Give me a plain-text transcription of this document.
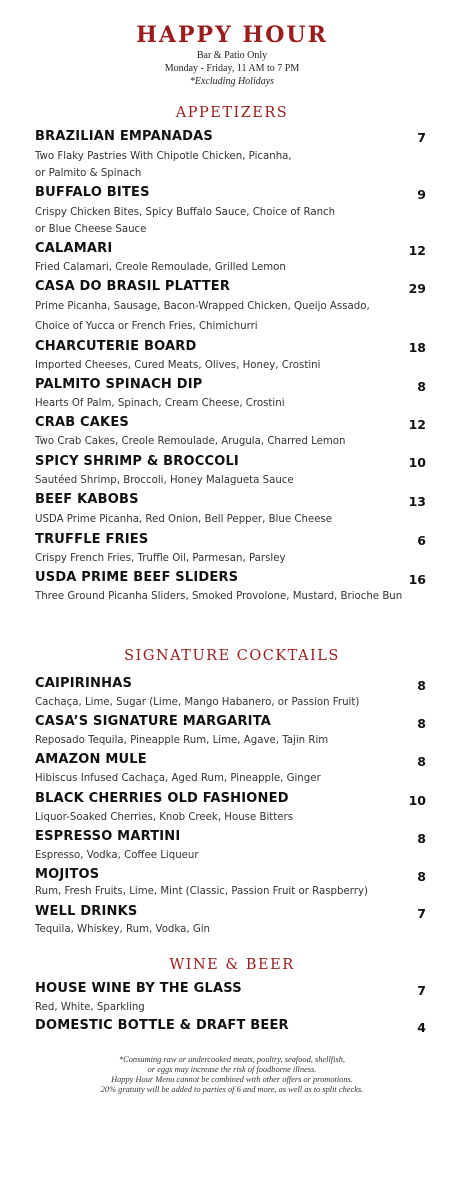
HAPPY HOUR
Bar & Patio Only
Monday - Friday, 11 AM to 7 PM
*Excluding Holidays
APPETIZERS
BRAZILIAN EMPANADAS	7
Two Flaky Pastries With Chipotle Chicken, Picanha,
or Palmito & Spinach
BUFFALO BITES	9
Crispy Chicken Bites, Spicy Buffalo Sauce, Choice of Ranch
or Blue Cheese Sauce
CALAMARI	12
Fried Calamari, Creole Remoulade, Grilled Lemon
CASA DO BRASIL PLATTER	29
Prime Picanha, Sausage, Bacon-Wrapped Chicken, Queijo Assado,
Choice of Yucca or French Fries, Chimichurri
CHARCUTERIE BOARD	18
Imported Cheeses, Cured Meats, Olives, Honey, Crostini
PALMITO SPINACH DIP	8
Hearts Of Palm, Spinach, Cream Cheese, Crostini
CRAB CAKES	12
Two Crab Cakes, Creole Remoulade, Arugula, Charred Lemon
SPICY SHRIMP & BROCCOLI	10
Sautéed Shrimp, Broccoli, Honey Malagueta Sauce
BEEF KABOBS	13
USDA Prime Picanha, Red Onion, Bell Pepper, Blue Cheese
TRUFFLE FRIES	6
Crispy French Fries, Truffle Oil, Parmesan, Parsley
USDA PRIME BEEF SLIDERS	16
Three Ground Picanha Sliders, Smoked Provolone, Mustard, Brioche Bun
SIGNATURE COCKTAILS
CAIPIRINHAS	8
Cachaça, Lime, Sugar (Lime, Mango Habanero, or Passion Fruit)
CASA’S SIGNATURE MARGARITA	8
Reposado Tequila, Pineapple Rum, Lime, Agave, Tajin Rim
AMAZON MULE	8
Hibiscus Infused Cachaça, Aged Rum, Pineapple, Ginger
BLACK CHERRIES OLD FASHIONED	10
Liquor-Soaked Cherries, Knob Creek, House Bitters
ESPRESSO MARTINI	8
Espresso, Vodka, Coffee Liqueur
MOJITOS	8
Rum, Fresh Fruits, Lime, Mint (Classic, Passion Fruit or Raspberry)
WELL DRINKS	7
Tequila, Whiskey, Rum, Vodka, Gin
WINE & BEER
HOUSE WINE BY THE GLASS	7
Red, White, Sparkling
DOMESTIC BOTTLE & DRAFT BEER	4
*Consuming raw or undercooked meats, poultry, seafood, shellfish,
or eggs may increase the risk of foodborne illness.
Happy Hour Menu cannot be combined with other offers or promotions.
20% gratuity will be added to parties of 6 and more, as well as to split checks.
